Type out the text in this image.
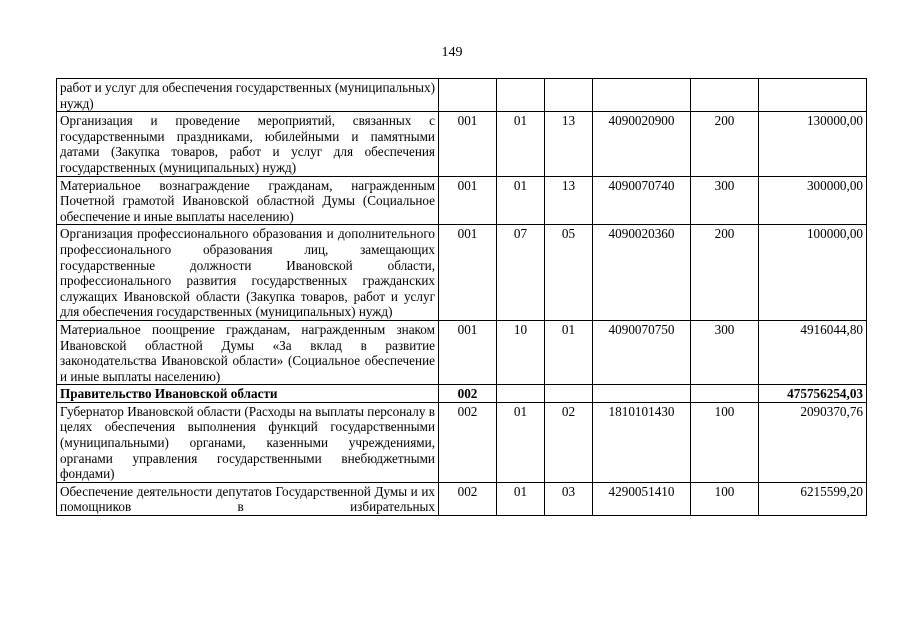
149
работ и услуг для обеспечения государственных (муниципальных) нужд)						
Организация и проведение мероприятий, связанных с государственными праздниками, юбилейными и памятными датами (Закупка товаров, работ и услуг для обеспечения государственных (муниципальных) нужд)	001	01	13	4090020900	200	130000,00
Материальное вознаграждение гражданам, награжденным Почетной грамотой Ивановской областной Думы (Социальное обеспечение и иные выплаты населению)	001	01	13	4090070740	300	300000,00
Организация профессионального образования и дополнительного профессионального образования лиц, замещающих государственные должности Ивановской области, профессионального развития государственных гражданских служащих Ивановской области (Закупка товаров, работ и услуг для обеспечения государственных (муниципальных) нужд)	001	07	05	4090020360	200	100000,00
Материальное поощрение гражданам, награжденным знаком Ивановской областной Думы «За вклад в развитие законодательства Ивановской области» (Социальное обеспечение и иные выплаты населению)	001	10	01	4090070750	300	4916044,80
Правительство Ивановской области	002					475756254,03
Губернатор Ивановской области (Расходы на выплаты персоналу в целях обеспечения выполнения функций государственными (муниципальными) органами, казенными учреждениями, органами управления государственными внебюджетными фондами)	002	01	02	1810101430	100	2090370,76
Обеспечение деятельности депутатов Государственной Думы и их помощников в избирательных	002	01	03	4290051410	100	6215599,20
